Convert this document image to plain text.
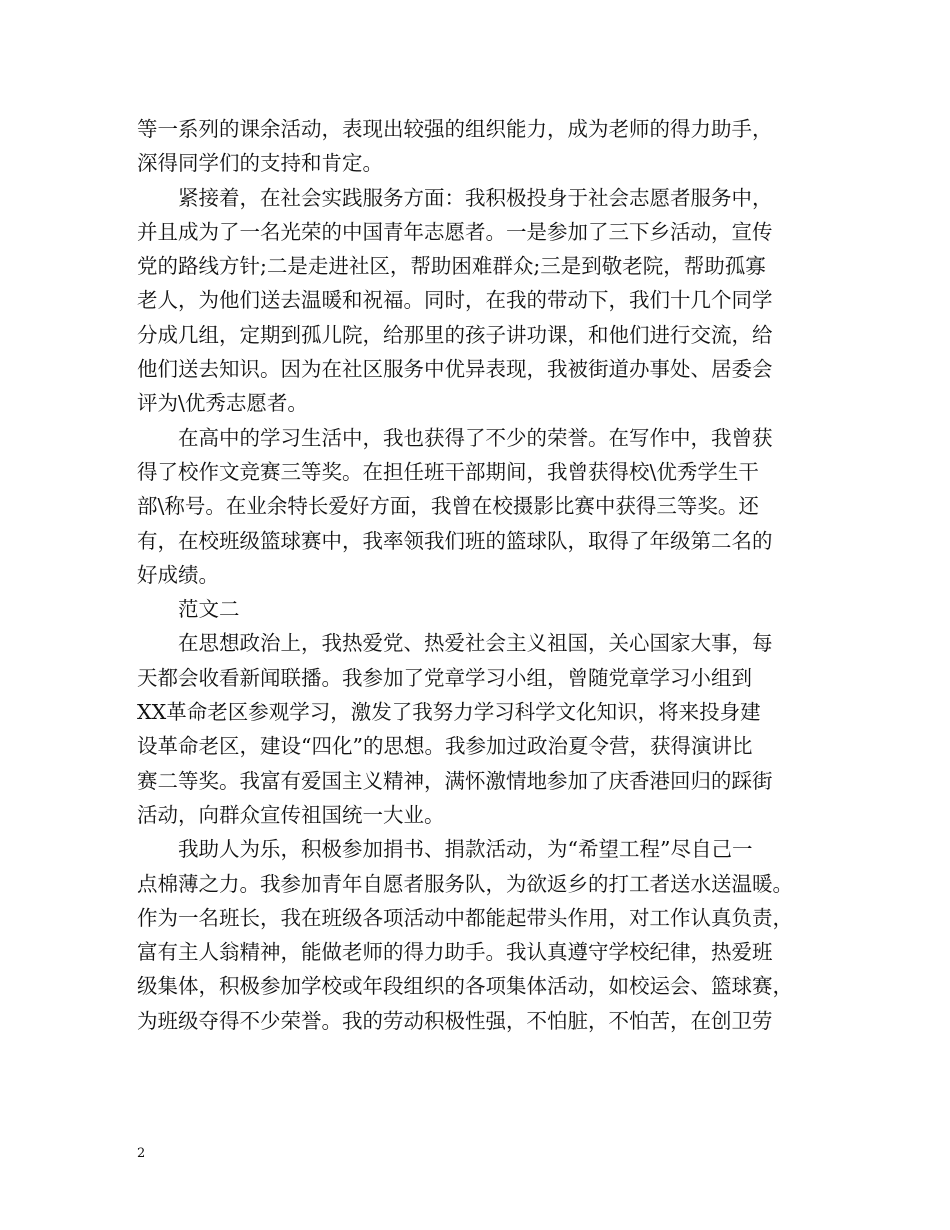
等一系列的课余活动，表现出较强的组织能力，成为老师的得力助手，
深得同学们的支持和肯定。
紧接着，在社会实践服务方面：我积极投身于社会志愿者服务中，
并且成为了一名光荣的中国青年志愿者。一是参加了三下乡活动，宣传
党的路线方针;二是走进社区，帮助困难群众;三是到敬老院，帮助孤寡
老人，为他们送去温暖和祝福。同时，在我的带动下，我们十几个同学
分成几组，定期到孤儿院，给那里的孩子讲功课，和他们进行交流，给
他们送去知识。因为在社区服务中优异表现，我被街道办事处、居委会
评为\优秀志愿者。
在高中的学习生活中，我也获得了不少的荣誉。在写作中，我曾获
得了校作文竞赛三等奖。在担任班干部期间，我曾获得校\优秀学生干
部\称号。在业余特长爱好方面，我曾在校摄影比赛中获得三等奖。还
有，在校班级篮球赛中，我率领我们班的篮球队，取得了年级第二名的
好成绩。
范文二
在思想政治上，我热爱党、热爱社会主义祖国，关心国家大事，每
天都会收看新闻联播。我参加了党章学习小组，曾随党章学习小组到
XX革命老区参观学习，激发了我努力学习科学文化知识，将来投身建
设革命老区，建设“四化”的思想。我参加过政治夏令营，获得演讲比
赛二等奖。我富有爱国主义精神，满怀激情地参加了庆香港回归的踩街
活动，向群众宣传祖国统一大业。
我助人为乐，积极参加捐书、捐款活动，为“希望工程”尽自己一
点棉薄之力。我参加青年自愿者服务队，为欲返乡的打工者送水送温暖。
作为一名班长，我在班级各项活动中都能起带头作用，对工作认真负责，
富有主人翁精神，能做老师的得力助手。我认真遵守学校纪律，热爱班
级集体，积极参加学校或年段组织的各项集体活动，如校运会、篮球赛，
为班级夺得不少荣誉。我的劳动积极性强，不怕脏，不怕苦，在创卫劳
2
